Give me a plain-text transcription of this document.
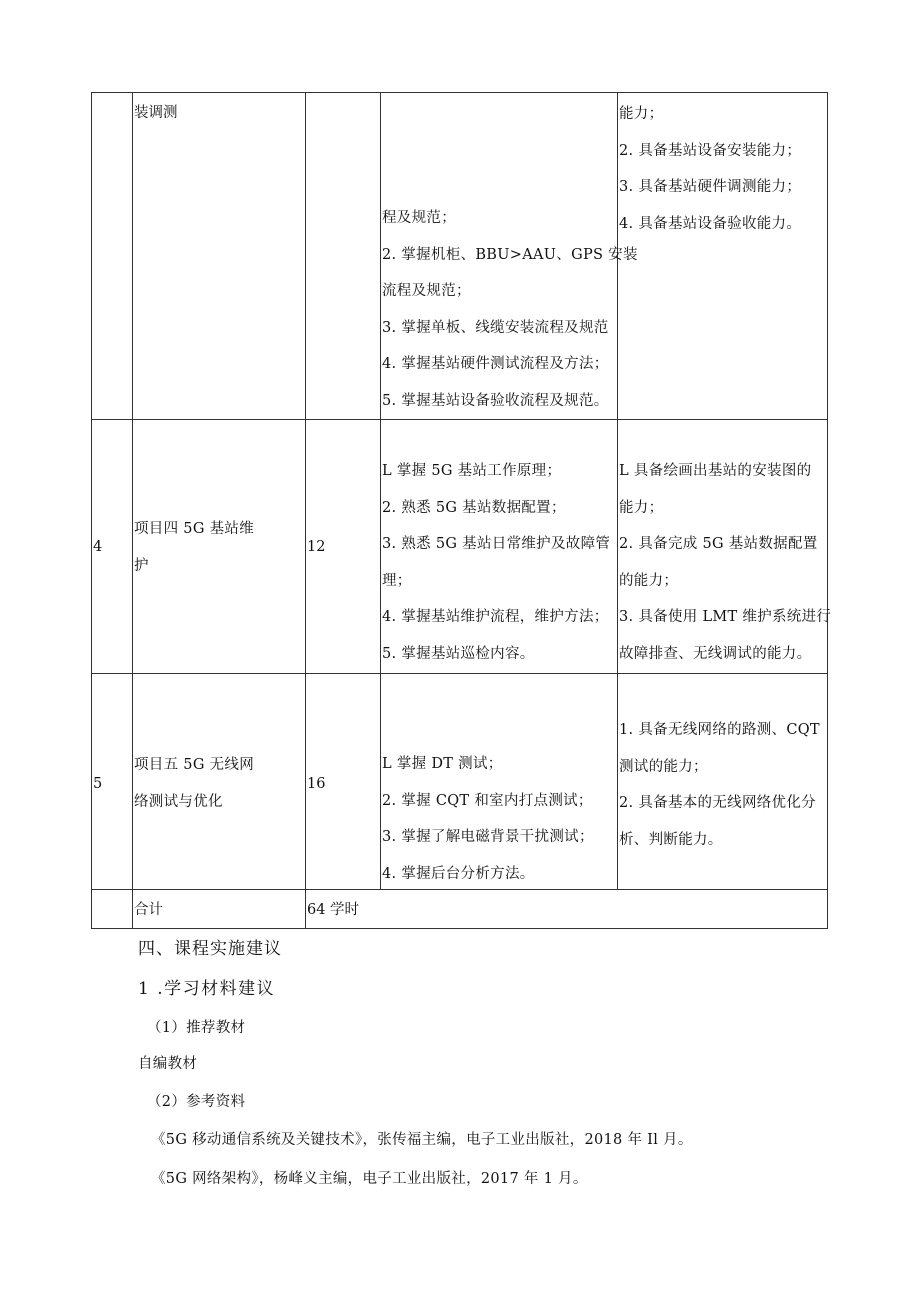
装调测
程及规范；
2. 掌握机柜、BBU>AAU、GPS 安装
流程及规范；
3. 掌握单板、线缆安装流程及规范
4. 掌握基站硬件测试流程及方法；
5. 掌握基站设备验收流程及规范。
能力；
2. 具备基站设备安装能力；
3. 具备基站硬件调测能力；
4. 具备基站设备验收能力。
4
项目四 5G 基站维
护
12
L 掌握 5G 基站工作原理；
2. 熟悉 5G 基站数据配置；
3. 熟悉 5G 基站日常维护及故障管
理；
4. 掌握基站维护流程，维护方法；
5. 掌握基站巡检内容。
L 具备绘画出基站的安装图的
能力；
2. 具备完成 5G 基站数据配置
的能力；
3. 具备使用 LMT 维护系统进行
故障排查、无线调试的能力。
5
项目五 5G 无线网
络测试与优化
16
L 掌握 DT 测试；
2. 掌握 CQT 和室内打点测试；
3. 掌握了解电磁背景干扰测试；
4. 掌握后台分析方法。
1. 具备无线网络的路测、CQT
测试的能力；
2. 具备基本的无线网络优化分
析、判断能力。
合计	64 学时
四、课程实施建议
1 .学习材料建议
（1）推荐教材
自编教材
（2）参考资料
《5G 移动通信系统及关键技术》，张传福主编，电子工业出版社，2018 年 Il 月。
《5G 网络架构》，杨峰义主编，电子工业出版社，2017 年 1 月。
